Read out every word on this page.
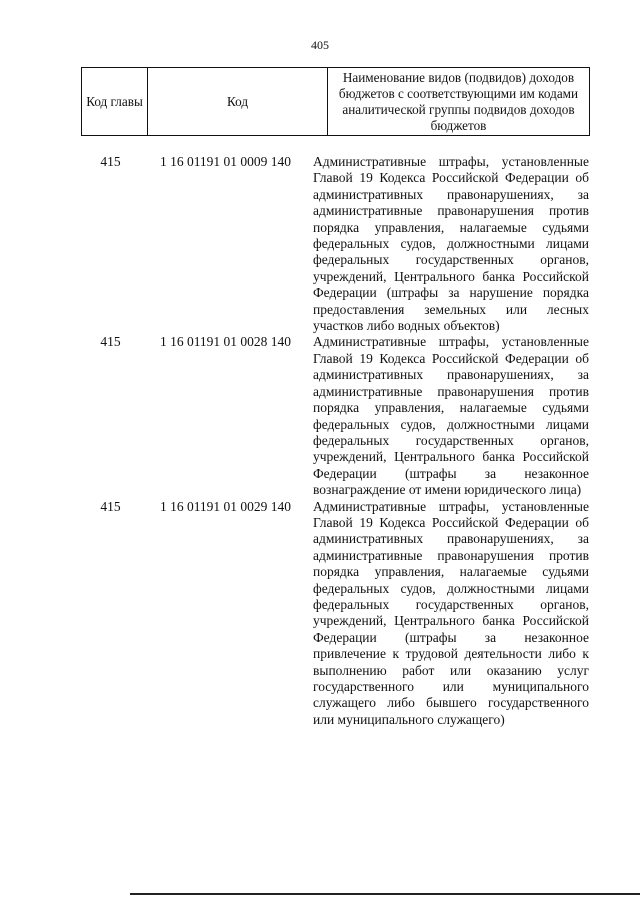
405
Код главы	Код	Наименование видов (подвидов) доходов бюджетов с соответствующими им кодами аналитической группы подвидов доходов бюджетов
415	1 16 01191 01 0009 140	Административные штрафы, установленные Главой 19 Кодекса Российской Федерации об административных правонарушениях, за административные правонарушения против порядка управления, налагаемые судьями федеральных судов, должностными лицами федеральных государственных органов, учреждений, Центрального банка Российской Федерации (штрафы за нарушение порядка предоставления земельных или лесных участков либо водных объектов)
415	1 16 01191 01 0028 140	Административные штрафы, установленные Главой 19 Кодекса Российской Федерации об административных правонарушениях, за административные правонарушения против порядка управления, налагаемые судьями федеральных судов, должностными лицами федеральных государственных органов, учреждений, Центрального банка Российской Федерации (штрафы за незаконное вознаграждение от имени юридического лица)
415	1 16 01191 01 0029 140	Административные штрафы, установленные Главой 19 Кодекса Российской Федерации об административных правонарушениях, за административные правонарушения против порядка управления, налагаемые судьями федеральных судов, должностными лицами федеральных государственных органов, учреждений, Центрального банка Российской Федерации (штрафы за незаконное привлечение к трудовой деятельности либо к выполнению работ или оказанию услуг государственного или муниципального служащего либо бывшего государственного или муниципального служащего)
